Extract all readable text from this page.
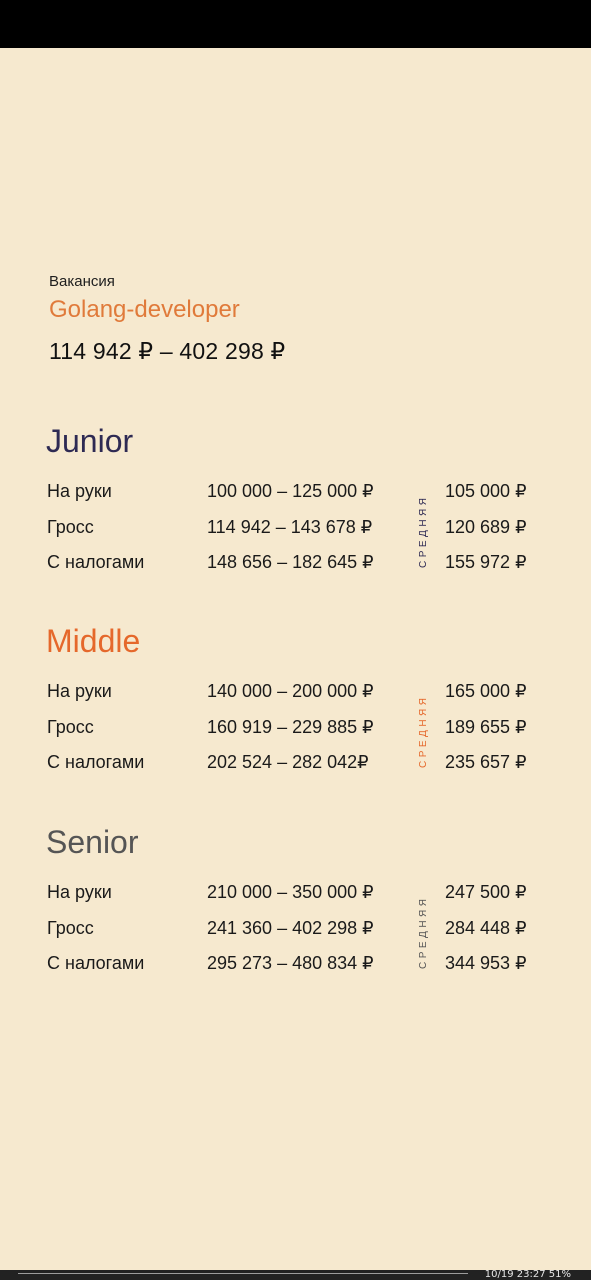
Вакансия
Golang-developer
114 942 ₽ – 402 298 ₽
Junior
На руки	100 000 – 125 000 ₽	105 000 ₽
Гросс	114 942 – 143 678 ₽	120 689 ₽
С налогами	148 656 – 182 645 ₽	155 972 ₽
СРЕДНЯЯ
Middle
На руки	140 000 – 200 000 ₽	165 000 ₽
Гросс	160 919 – 229 885 ₽	189 655 ₽
С налогами	202 524 – 282 042₽	235 657 ₽
СРЕДНЯЯ
Senior
На руки	210 000 – 350 000 ₽	247 500 ₽
Гросс	241 360 – 402 298 ₽	284 448 ₽
С налогами	295 273 – 480 834 ₽	344 953 ₽
СРЕДНЯЯ
10/19 23:27 51%
